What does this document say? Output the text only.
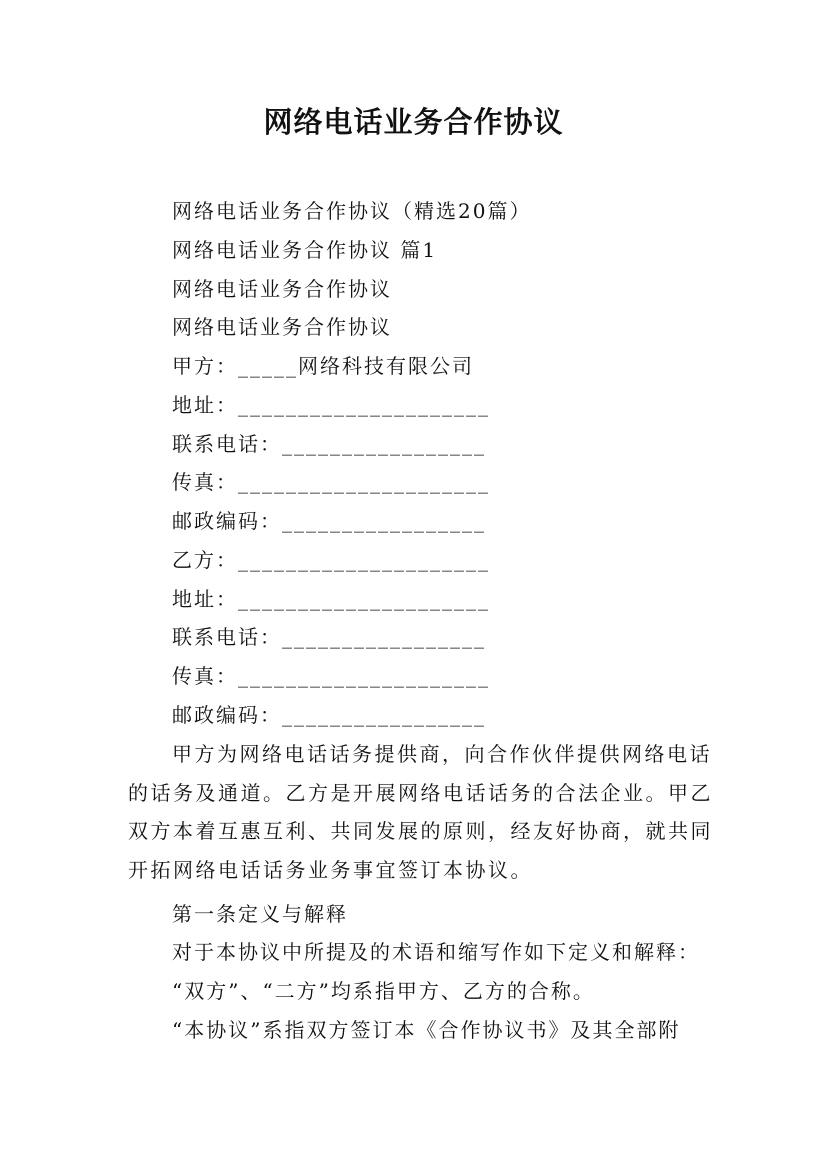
网络电话业务合作协议
网络电话业务合作协议（精选20篇）
网络电话业务合作协议 篇1
网络电话业务合作协议
网络电话业务合作协议
甲方：_____网络科技有限公司
地址：_____________________
联系电话：_________________
传真：_____________________
邮政编码：_________________
乙方：_____________________
地址：_____________________
联系电话：_________________
传真：_____________________
邮政编码：_________________
甲方为网络电话话务提供商，向合作伙伴提供网络电话的话务及通道。乙方是开展网络电话话务的合法企业。甲乙双方本着互惠互利、共同发展的原则，经友好协商，就共同开拓网络电话话务业务事宜签订本协议。
第一条定义与解释
对于本协议中所提及的术语和缩写作如下定义和解释：
“双方”、“二方”均系指甲方、乙方的合称。
“本协议”系指双方签订本《合作协议书》及其全部附
